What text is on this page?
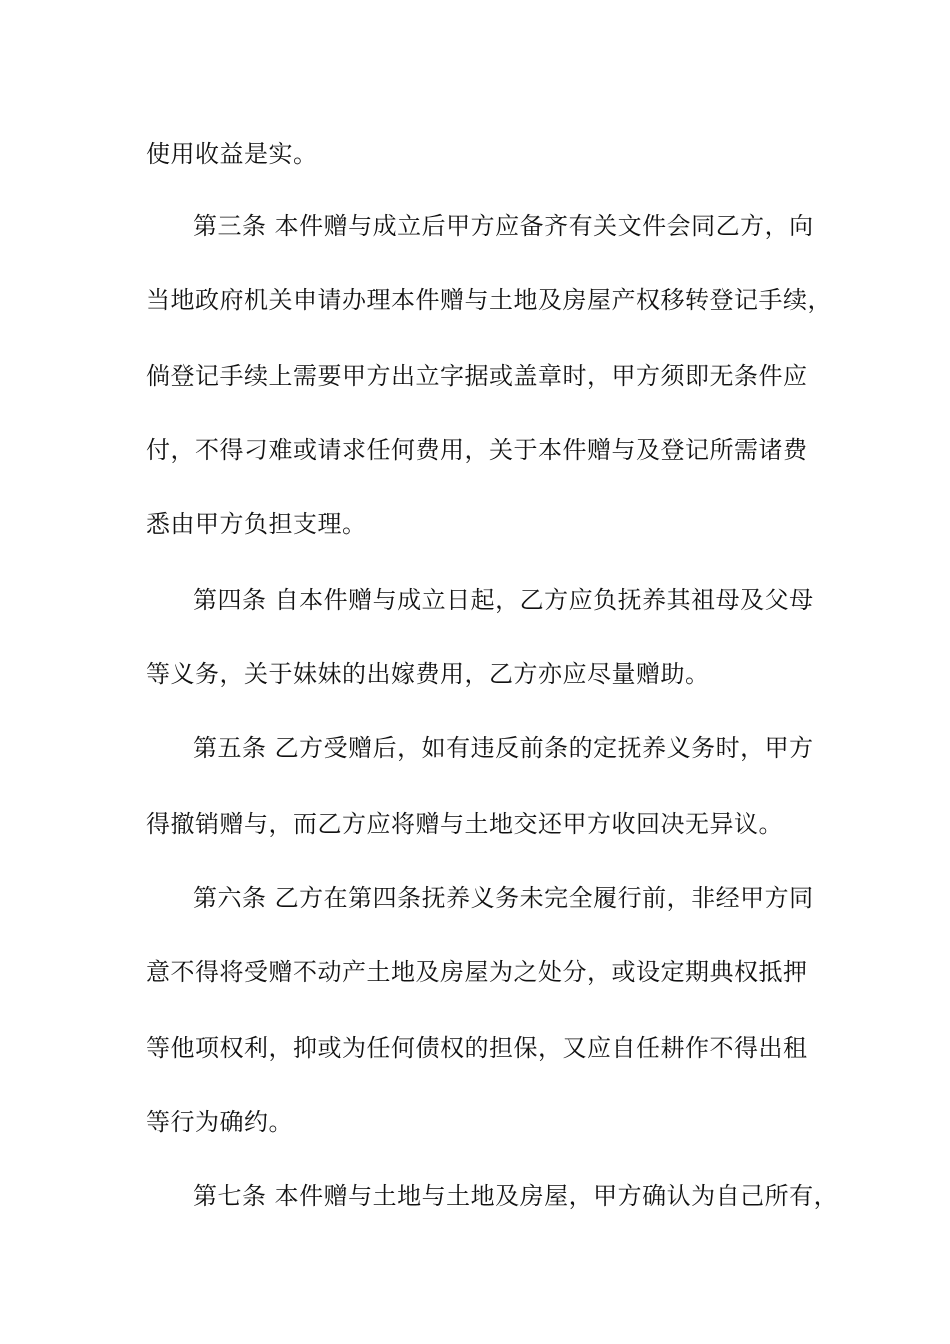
使用收益是实。
第三条 本件赠与成立后甲方应备齐有关文件会同乙方，向
当地政府机关申请办理本件赠与土地及房屋产权移转登记手续，
倘登记手续上需要甲方出立字据或盖章时，甲方须即无条件应
付，不得刁难或请求任何费用，关于本件赠与及登记所需诸费
悉由甲方负担支理。
第四条 自本件赠与成立日起，乙方应负抚养其祖母及父母
等义务，关于妹妹的出嫁费用，乙方亦应尽量赠助。
第五条 乙方受赠后，如有违反前条的定抚养义务时，甲方
得撤销赠与，而乙方应将赠与土地交还甲方收回决无异议。
第六条 乙方在第四条抚养义务未完全履行前，非经甲方同
意不得将受赠不动产土地及房屋为之处分，或设定期典权抵押
等他项权利，抑或为任何债权的担保，又应自任耕作不得出租
等行为确约。
第七条 本件赠与土地与土地及房屋，甲方确认为自己所有，
